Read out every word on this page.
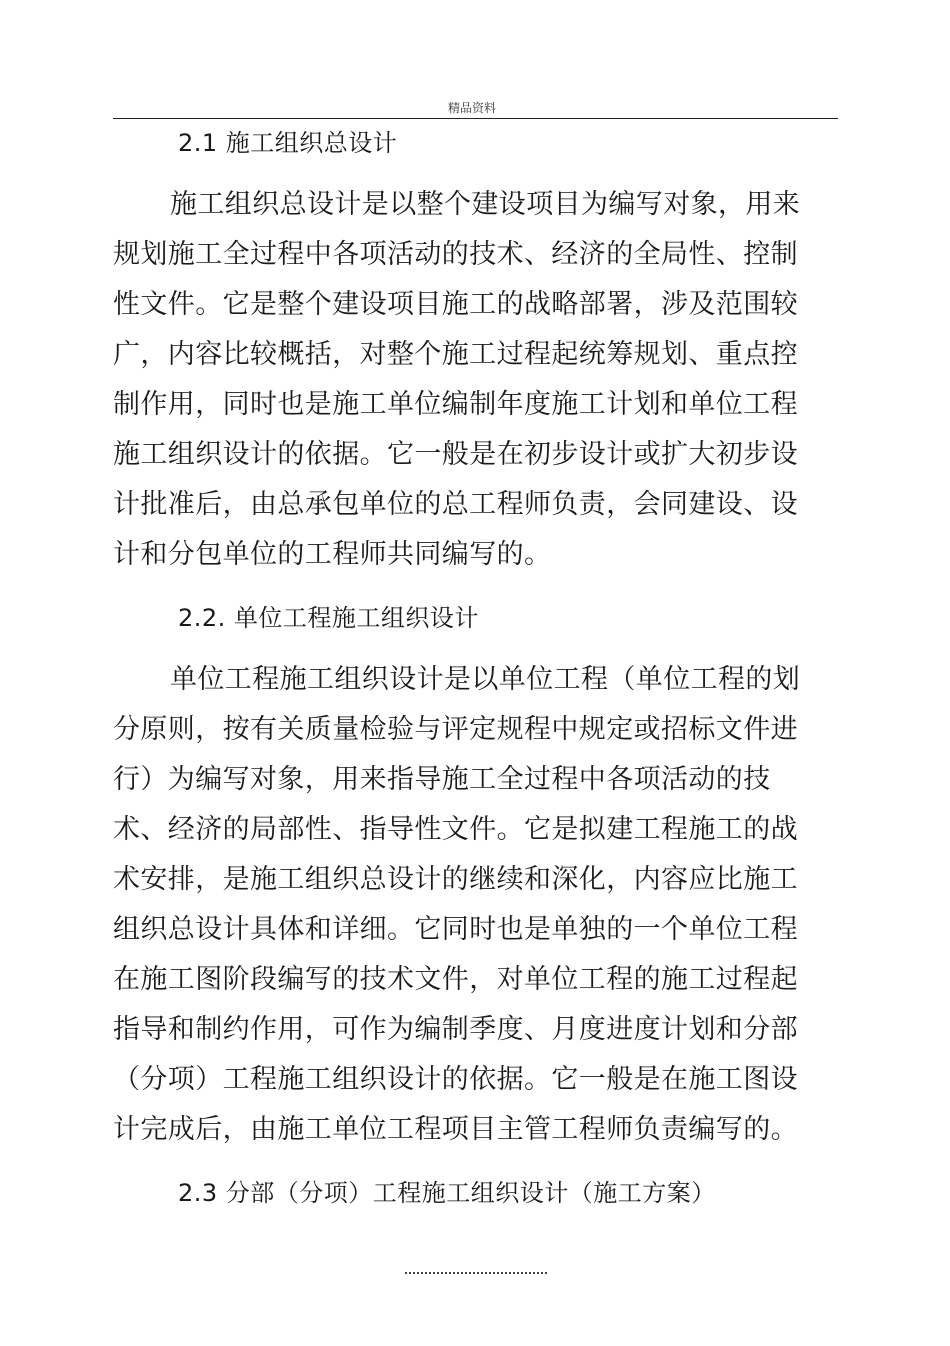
精品资料
2.1 施工组织总设计
施工组织总设计是以整个建设项目为编写对象，用来
规划施工全过程中各项活动的技术、经济的全局性、控制
性文件。它是整个建设项目施工的战略部署，涉及范围较
广，内容比较概括，对整个施工过程起统筹规划、重点控
制作用，同时也是施工单位编制年度施工计划和单位工程
施工组织设计的依据。它一般是在初步设计或扩大初步设
计批准后，由总承包单位的总工程师负责，会同建设、设
计和分包单位的工程师共同编写的。
2.2. 单位工程施工组织设计
单位工程施工组织设计是以单位工程（单位工程的划
分原则，按有关质量检验与评定规程中规定或招标文件进
行）为编写对象，用来指导施工全过程中各项活动的技
术、经济的局部性、指导性文件。它是拟建工程施工的战
术安排，是施工组织总设计的继续和深化，内容应比施工
组织总设计具体和详细。它同时也是单独的一个单位工程
在施工图阶段编写的技术文件，对单位工程的施工过程起
指导和制约作用，可作为编制季度、月度进度计划和分部
（分项）工程施工组织设计的依据。它一般是在施工图设
计完成后，由施工单位工程项目主管工程师负责编写的。
2.3 分部（分项）工程施工组织设计（施工方案）
